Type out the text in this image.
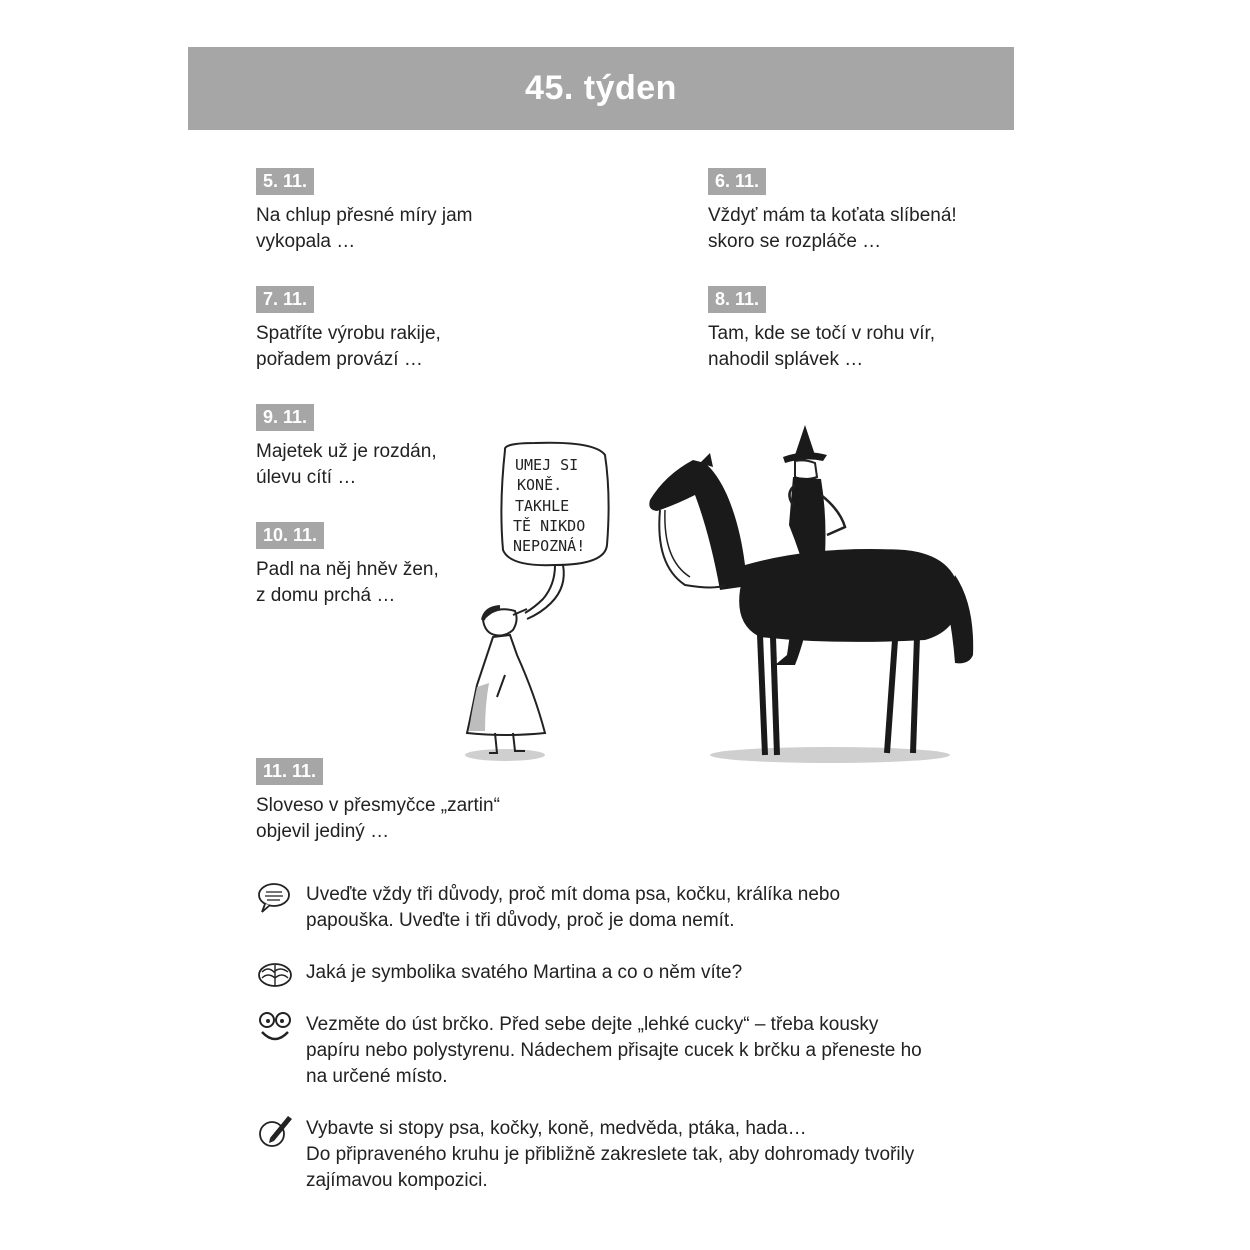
45. týden
5. 11.
Na chlup přesné míry jam
vykopala …
6. 11.
Vždyť mám ta koťata slíbená!
skoro se rozpláče …
7. 11.
Spatříte výrobu rakije,
pořadem provází …
8. 11.
Tam, kde se točí v rohu vír,
nahodil splávek …
9. 11.
Majetek už je rozdán,
úlevu cítí …
10. 11.
Padl na něj hněv žen,
z domu prchá …
11. 11.
Sloveso v přesmyčce „zartin“
objevil jediný …
UMEJ SI
KONĚ.
TAKHLE
TĚ NIKDO
NEPOZNÁ!
Uveďte vždy tři důvody, proč mít doma psa, kočku, králíka nebo
papouška. Uveďte i tři důvody, proč je doma nemít.
Jaká je symbolika svatého Martina a co o něm víte?
Vezměte do úst brčko. Před sebe dejte „lehké cucky“ – třeba kousky
papíru nebo polystyrenu. Nádechem přisajte cucek k brčku a přeneste ho
na určené místo.
Vybavte si stopy psa, kočky, koně, medvěda, ptáka, hada…
Do připraveného kruhu je přibližně zakreslete tak, aby dohromady tvořily
zajímavou kompozici.
